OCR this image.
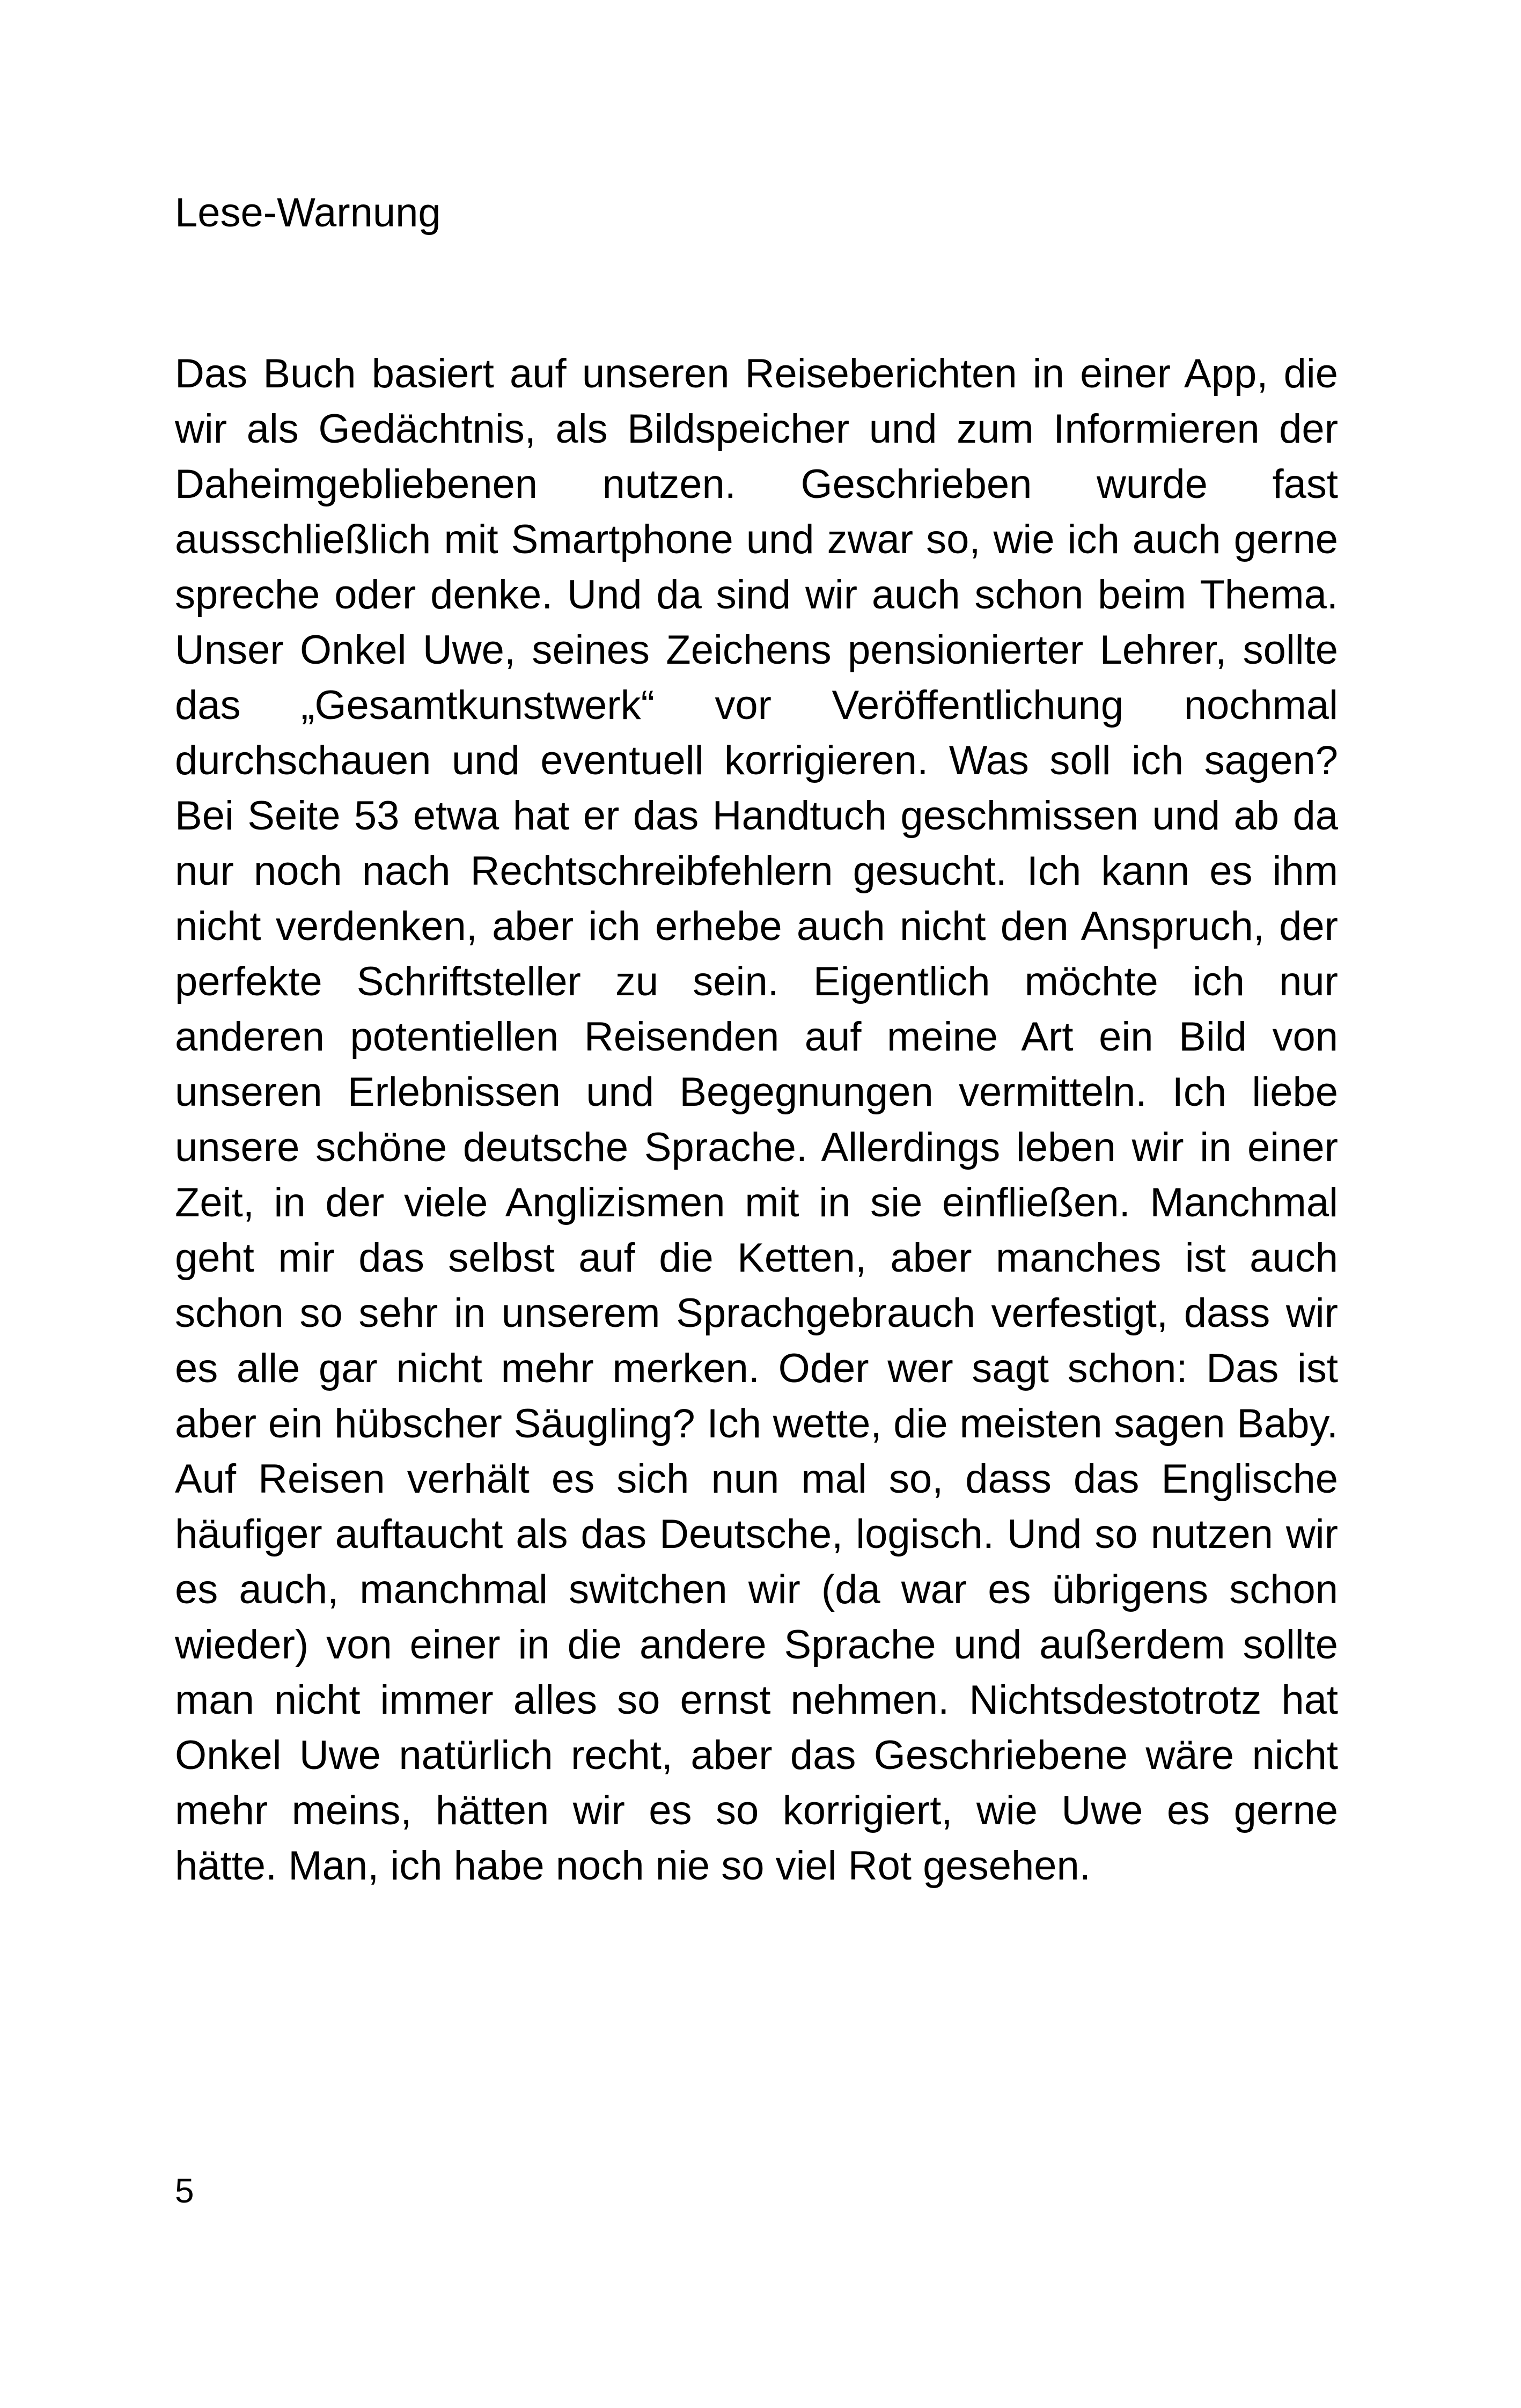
Lese-Warnung
Das Buch basiert auf unseren Reiseberichten in einer App, die
wir als Gedächtnis, als Bildspeicher und zum Informieren der
Daheimgebliebenen nutzen. Geschrieben wurde fast
ausschließlich mit Smartphone und zwar so, wie ich auch gerne
spreche oder denke. Und da sind wir auch schon beim Thema.
Unser Onkel Uwe, seines Zeichens pensionierter Lehrer, sollte
das „Gesamtkunstwerk“ vor Veröffentlichung nochmal
durchschauen und eventuell korrigieren. Was soll ich sagen?
Bei Seite 53 etwa hat er das Handtuch geschmissen und ab da
nur noch nach Rechtschreibfehlern gesucht. Ich kann es ihm
nicht verdenken, aber ich erhebe auch nicht den Anspruch, der
perfekte Schriftsteller zu sein. Eigentlich möchte ich nur
anderen potentiellen Reisenden auf meine Art ein Bild von
unseren Erlebnissen und Begegnungen vermitteln. Ich liebe
unsere schöne deutsche Sprache. Allerdings leben wir in einer
Zeit, in der viele Anglizismen mit in sie einfließen. Manchmal
geht mir das selbst auf die Ketten, aber manches ist auch
schon so sehr in unserem Sprachgebrauch verfestigt, dass wir
es alle gar nicht mehr merken. Oder wer sagt schon: Das ist
aber ein hübscher Säugling? Ich wette, die meisten sagen Baby.
Auf Reisen verhält es sich nun mal so, dass das Englische
häufiger auftaucht als das Deutsche, logisch. Und so nutzen wir
es auch, manchmal switchen wir (da war es übrigens schon
wieder) von einer in die andere Sprache und außerdem sollte
man nicht immer alles so ernst nehmen. Nichtsdestotrotz hat
Onkel Uwe natürlich recht, aber das Geschriebene wäre nicht
mehr meins, hätten wir es so korrigiert, wie Uwe es gerne
hätte. Man, ich habe noch nie so viel Rot gesehen.
5
